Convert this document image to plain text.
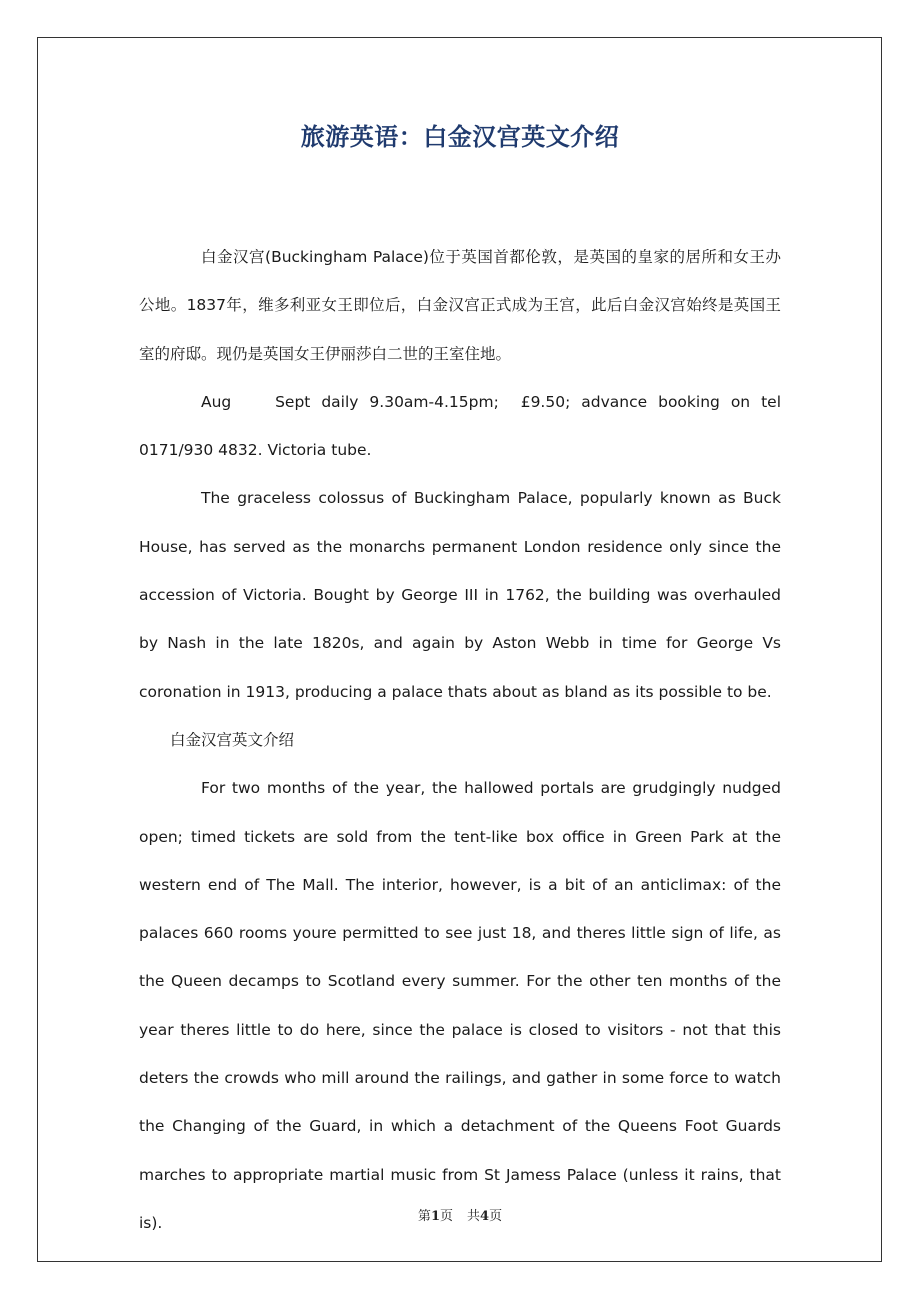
旅游英语：白金汉宫英文介绍

白金汉宫(Buckingham Palace)位于英国首都伦敦，是英国的皇家的居所和女王办公地。1837年，维多利亚女王即位后，白金汉宫正式成为王宫，此后白金汉宫始终是英国王室的府邸。现仍是英国女王伊丽莎白二世的王室住地。

Aug    Sept daily 9.30am-4.15pm;  £9.50; advance booking on tel 0171/930 4832. Victoria tube.

The graceless colossus of Buckingham Palace, popularly known as Buck House, has served as the monarchs permanent London residence only since the accession of Victoria. Bought by George III in 1762, the building was overhauled by Nash in the late 1820s, and again by Aston Webb in time for George Vs coronation in 1913, producing a palace thats about as bland as its possible to be.

白金汉宫英文介绍

For two months of the year, the hallowed portals are grudgingly nudged open; timed tickets are sold from the tent-like box office in Green Park at the western end of The Mall. The interior, however, is a bit of an anticlimax: of the palaces 660 rooms youre permitted to see just 18, and theres little sign of life, as the Queen decamps to Scotland every summer. For the other ten months of the year theres little to do here, since the palace is closed to visitors - not that this deters the crowds who mill around the railings, and gather in some force to watch the Changing of the Guard, in which a detachment of the Queens Foot Guards marches to appropriate martial music from St Jamess Palace (unless it rains, that is).	第1页 共4页
